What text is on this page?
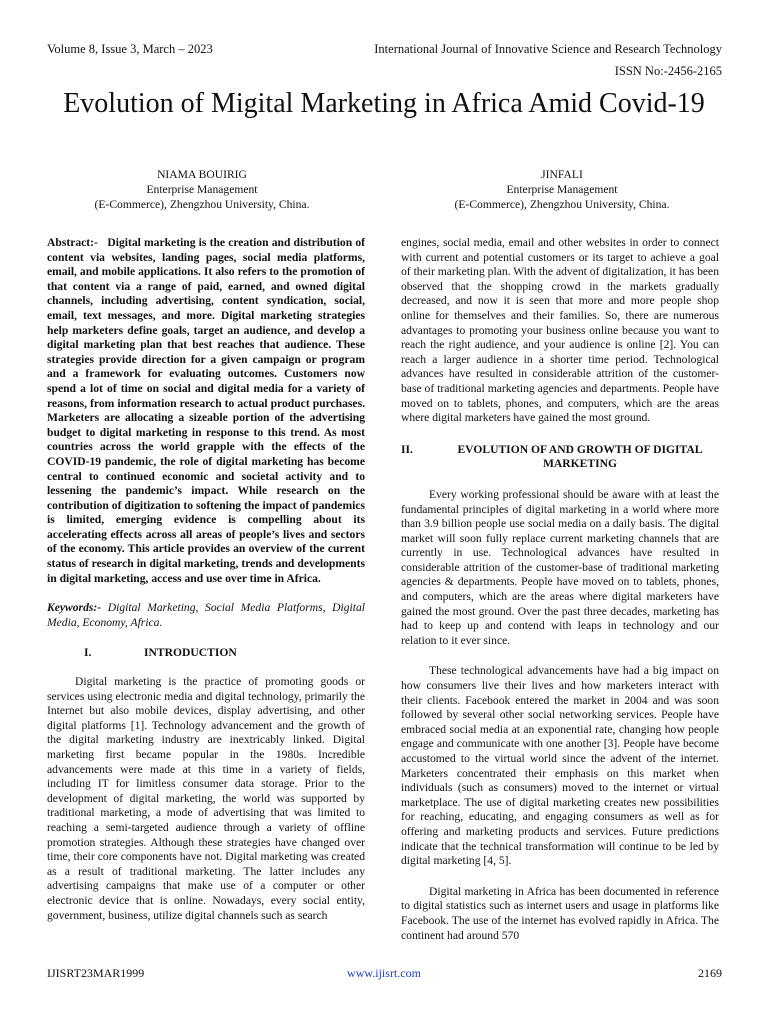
Volume 8, Issue 3, March – 2023	International Journal of Innovative Science and Research Technology
ISSN No:-2456-2165
Evolution of Migital Marketing in Africa Amid Covid-19
NIAMA BOUIRIG
Enterprise Management
(E-Commerce), Zhengzhou University, China.
JINFALI
Enterprise Management
(E-Commerce), Zhengzhou University, China.

Abstract:- Digital marketing is the creation and distribution of content via websites, landing pages, social media platforms, email, and mobile applications. It also refers to the promotion of that content via a range of paid, earned, and owned digital channels, including advertising, content syndication, social, email, text messages, and more. Digital marketing strategies help marketers define goals, target an audience, and develop a digital marketing plan that best reaches that audience. These strategies provide direction for a given campaign or program and a framework for evaluating outcomes. Customers now spend a lot of time on social and digital media for a variety of reasons, from information research to actual product purchases. Marketers are allocating a sizeable portion of the advertising budget to digital marketing in response to this trend. As most countries across the world grapple with the effects of the COVID-19 pandemic, the role of digital marketing has become central to continued economic and societal activity and to lessening the pandemic’s impact. While research on the contribution of digitization to softening the impact of pandemics is limited, emerging evidence is compelling about its accelerating effects across all areas of people’s lives and sectors of the economy. This article provides an overview of the current status of research in digital marketing, trends and developments in digital marketing, access and use over time in Africa.

Keywords:- Digital Marketing, Social Media Platforms, Digital Media, Economy, Africa.

I.	INTRODUCTION

Digital marketing is the practice of promoting goods or services using electronic media and digital technology, primarily the Internet but also mobile devices, display advertising, and other digital platforms [1]. Technology advancement and the growth of the digital marketing industry are inextricably linked. Digital marketing first became popular in the 1980s. Incredible advancements were made at this time in a variety of fields, including IT for limitless consumer data storage. Prior to the development of digital marketing, the world was supported by traditional marketing, a mode of advertising that was limited to reaching a semi-targeted audience through a variety of offline promotion strategies. Although these strategies have changed over time, their core components have not. Digital marketing was created as a result of traditional marketing. The latter includes any advertising campaigns that make use of a computer or other electronic device that is online. Nowadays, every social entity, government, business, utilize digital channels such as search

engines, social media, email and other websites in order to connect with current and potential customers or its target to achieve a goal of their marketing plan. With the advent of digitalization, it has been observed that the shopping crowd in the markets gradually decreased, and now it is seen that more and more people shop online for themselves and their families. So, there are numerous advantages to promoting your business online because you want to reach the right audience, and your audience is online [2]. You can reach a larger audience in a shorter time period. Technological advances have resulted in considerable attrition of the customer-base of traditional marketing agencies and departments. People have moved on to tablets, phones, and computers, which are the areas where digital marketers have gained the most ground.

II.	EVOLUTION OF AND GROWTH OF DIGITAL MARKETING

Every working professional should be aware with at least the fundamental principles of digital marketing in a world where more than 3.9 billion people use social media on a daily basis. The digital market will soon fully replace current marketing channels that are currently in use. Technological advances have resulted in considerable attrition of the customer-base of traditional marketing agencies & departments. People have moved on to tablets, phones, and computers, which are the areas where digital marketers have gained the most ground. Over the past three decades, marketing has had to keep up and contend with leaps in technology and our relation to it ever since.

These technological advancements have had a big impact on how consumers live their lives and how marketers interact with their clients. Facebook entered the market in 2004 and was soon followed by several other social networking services. People have embraced social media at an exponential rate, changing how people engage and communicate with one another [3]. People have become accustomed to the virtual world since the advent of the internet. Marketers concentrated their emphasis on this market when individuals (such as consumers) moved to the internet or virtual marketplace. The use of digital marketing creates new possibilities for reaching, educating, and engaging consumers as well as for offering and marketing products and services. Future predictions indicate that the technical transformation will continue to be led by digital marketing [4, 5].

Digital marketing in Africa has been documented in reference to digital statistics such as internet users and usage in platforms like Facebook. The use of the internet has evolved rapidly in Africa. The continent had around 570

IJISRT23MAR1999	www.ijisrt.com	2169
